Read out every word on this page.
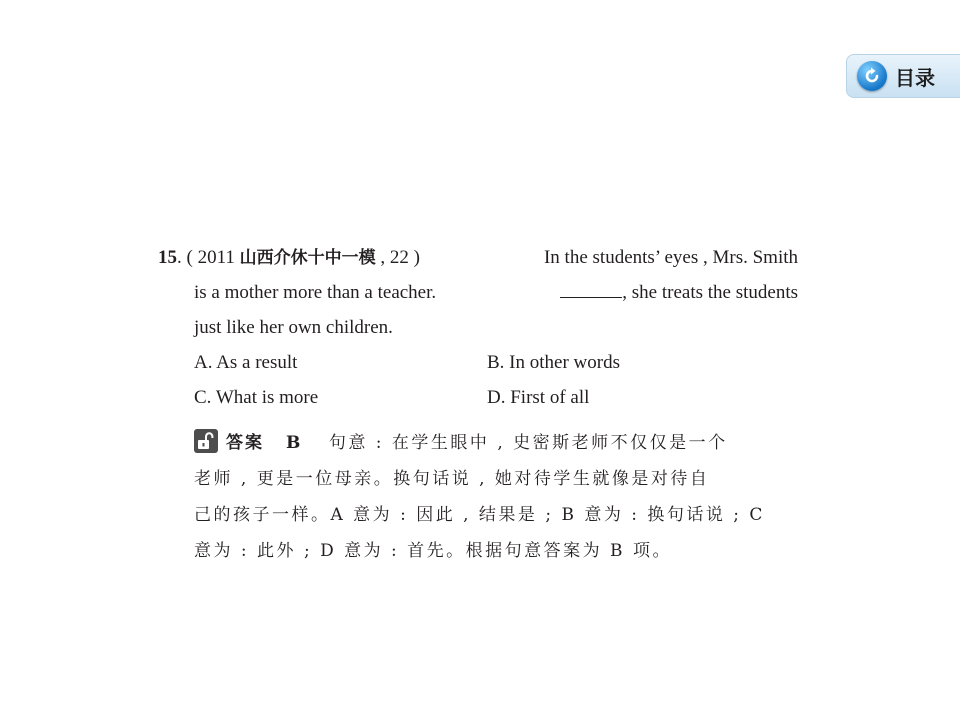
目录
15. ( 2011 山西介休十中一模 , 22 )	In the students’ eyes , Mrs. Smith
is a mother more than a teacher.	, she treats the students
just like her own children.
A. As a result	B. In other words
C. What is more	D. First of all
答案 B 句意 : 在学生眼中 , 史密斯老师不仅仅是一个
老师 , 更是一位母亲。换句话说 , 她对待学生就像是对待自
己的孩子一样。A 意为 : 因此 , 结果是 ; B 意为 : 换句话说 ; C
意为 : 此外 ; D 意为 : 首先。根据句意答案为 B 项。
